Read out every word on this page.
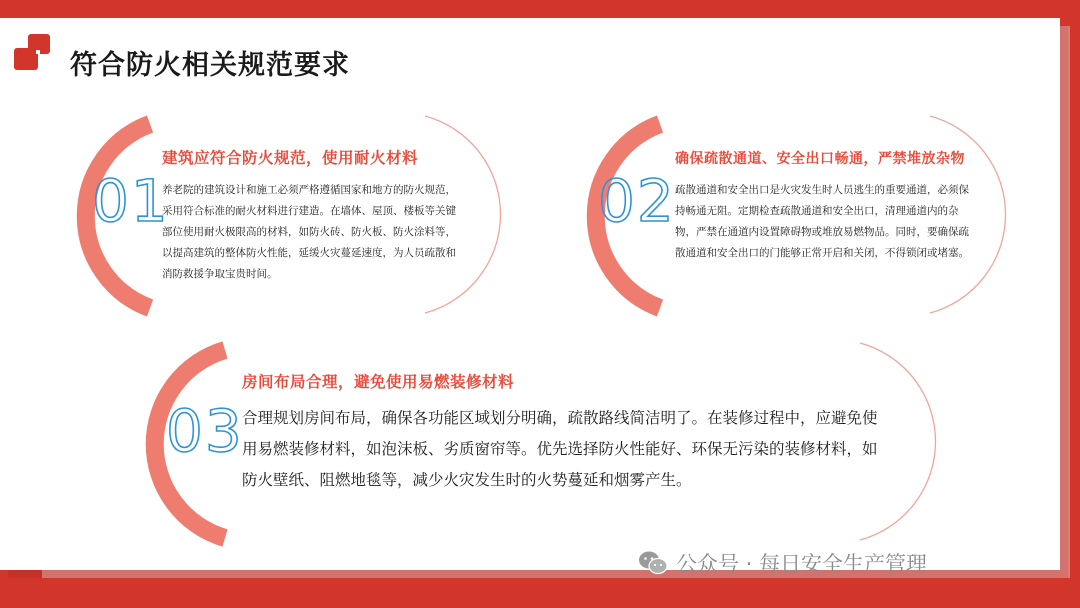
符合防火相关规范要求
01
建筑应符合防火规范，使用耐火材料
养老院的建筑设计和施工必须严格遵循国家和地方的防火规范，采用符合标准的耐火材料进行建造。在墙体、屋顶、楼板等关键部位使用耐火极限高的材料，如防火砖、防火板、防火涂料等，以提高建筑的整体防火性能，延缓火灾蔓延速度，为人员疏散和消防救援争取宝贵时间。
02
确保疏散通道、安全出口畅通，严禁堆放杂物
疏散通道和安全出口是火灾发生时人员逃生的重要通道，必须保持畅通无阻。定期检查疏散通道和安全出口，清理通道内的杂物，严禁在通道内设置障碍物或堆放易燃物品。同时，要确保疏散通道和安全出口的门能够正常开启和关闭，不得锁闭或堵塞。
03
房间布局合理，避免使用易燃装修材料
合理规划房间布局，确保各功能区域划分明确，疏散路线简洁明了。在装修过程中，应避免使用易燃装修材料，如泡沫板、劣质窗帘等。优先选择防火性能好、环保无污染的装修材料，如防火壁纸、阻燃地毯等，减少火灾发生时的火势蔓延和烟雾产生。
公众号 · 每日安全生产管理
